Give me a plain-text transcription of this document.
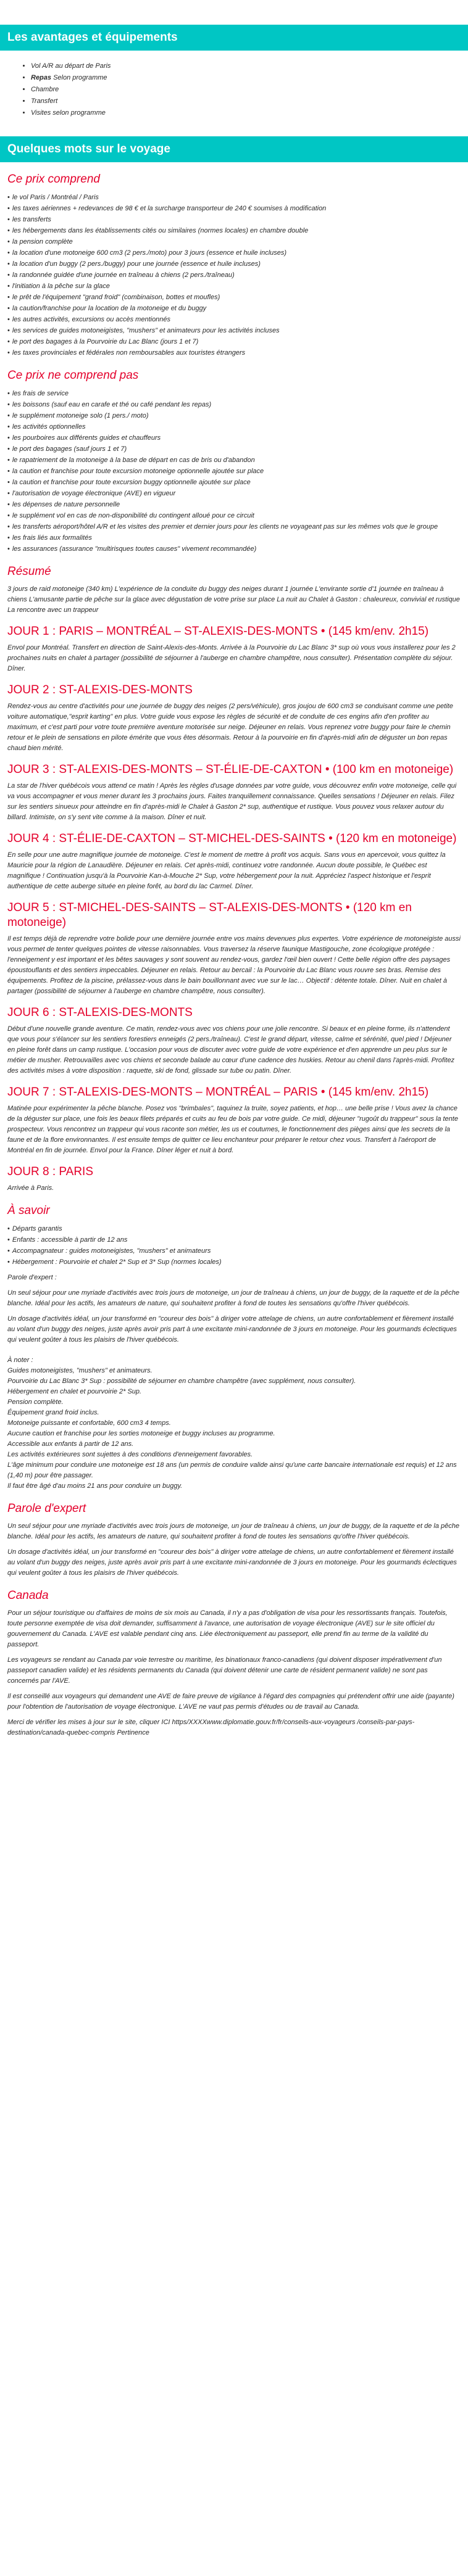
Les avantages et équipements
• Vol A/R au départ de Paris
• Repas Selon programme
• Chambre
• Transfert
• Visites selon programme
Quelques mots sur le voyage
Ce prix comprend
• le vol Paris / Montréal / Paris
• les taxes aériennes + redevances de 98 € et la surcharge transporteur de 240 € soumises à modification
• les transferts
• les hébergements dans les établissements cités ou similaires (normes locales) en chambre double
• la pension complète
• la location d'une motoneige 600 cm3 (2 pers./moto) pour 3 jours (essence et huile incluses)
• la location d'un buggy (2 pers./buggy) pour une journée (essence et huile incluses)
• la randonnée guidée d'une journée en traîneau à chiens (2 pers./traîneau)
• l'initiation à la pêche sur la glace
• le prêt de l'équipement "grand froid" (combinaison, bottes et moufles)
• la caution/franchise pour la location de la motoneige et du buggy
• les autres activités, excursions ou accès mentionnés
• les services de guides motoneigistes, "mushers" et animateurs pour les activités incluses
• le port des bagages à la Pourvoirie du Lac Blanc (jours 1 et 7)
• les taxes provinciales et fédérales non remboursables aux touristes étrangers
Ce prix ne comprend pas
• les frais de service
• les boissons (sauf eau en carafe et thé ou café pendant les repas)
• le supplément motoneige solo (1 pers./ moto)
• les activités optionnelles
• les pourboires aux différents guides et chauffeurs
• le port des bagages (sauf jours 1 et 7)
• le rapatriement de la motoneige à la base de départ en cas de bris ou d'abandon
• la caution et franchise pour toute excursion motoneige optionnelle ajoutée sur place
• la caution et franchise pour toute excursion buggy optionnelle ajoutée sur place
• l'autorisation de voyage électronique (AVE) en vigueur
• les dépenses de nature personnelle
• le supplément vol en cas de non-disponibilité du contingent alloué pour ce circuit
• les transferts aéroport/hôtel A/R et les visites des premier et dernier jours pour les clients ne voyageant pas sur les mêmes vols que le groupe
• les frais liés aux formalités
• les assurances (assurance "multirisques toutes causes" vivement recommandée)
Résumé

3 jours de raid motoneige (340 km) L'expérience de la conduite du buggy des neiges durant 1 journée L'envirante sortie d'1 journée en traîneau à chiens L'amusante partie de pêche sur la glace avec dégustation de votre prise sur place La nuit au Chalet à Gaston : chaleureux, convivial et rustique La rencontre avec un trappeur

JOUR 1 : PARIS – MONTRÉAL – ST-ALEXIS-DES-MONTS • (145 km/env. 2h15)

Envol pour Montréal. Transfert en direction de Saint-Alexis-des-Monts. Arrivée à la Pourvoirie du Lac Blanc 3* sup où vous vous installerez pour les 2 prochaines nuits en chalet à partager (possibilité de séjourner à l'auberge en chambre champêtre, nous consulter). Présentation complète du séjour. Dîner.

JOUR 2 : ST-ALEXIS-DES-MONTS

Rendez-vous au centre d'activités pour une journée de buggy des neiges (2 pers/véhicule), gros joujou de 600 cm3 se conduisant comme une petite voiture automatique,"esprit karting" en plus. Votre guide vous expose les règles de sécurité et de conduite de ces engins afin d'en profiter au maximum, et c'est parti pour votre toute première aventure motorisée sur neige. Déjeuner en relais. Vous reprenez votre buggy pour faire le chemin retour et le plein de sensations en pilote émérite que vous êtes désormais. Retour à la pourvoirie en fin d'après-midi afin de déguster un bon repas chaud bien mérité.

JOUR 3 : ST-ALEXIS-DES-MONTS – ST-ÉLIE-DE-CAXTON • (100 km en motoneige)

La star de l'hiver québécois vous attend ce matin ! Après les règles d'usage données par votre guide, vous découvrez enfin votre motoneige, celle qui va vous accompagner et vous mener durant les 3 prochains jours. Faites tranquillement connaissance. Quelles sensations ! Déjeuner en relais. Filez sur les sentiers sinueux pour atteindre en fin d'après-midi le Chalet à Gaston 2* sup, authentique et rustique. Vous pouvez vous relaxer autour du billard. Intimiste, on s'y sent vite comme à la maison. Dîner et nuit.

JOUR 4 : ST-ÉLIE-DE-CAXTON – ST-MICHEL-DES-SAINTS • (120 km en motoneige)

En selle pour une autre magnifique journée de motoneige. C'est le moment de mettre à profit vos acquis. Sans vous en apercevoir, vous quittez la Mauricie pour la région de Lanaudière. Déjeuner en relais. Cet après-midi, continuez votre randonnée. Aucun doute possible, le Québec est magnifique ! Continuation jusqu'à la Pourvoirie Kan-à-Mouche 2* Sup, votre hébergement pour la nuit. Appréciez l'aspect historique et l'esprit authentique de cette auberge située en pleine forêt, au bord du lac Carmel. Dîner.

JOUR 5 : ST-MICHEL-DES-SAINTS – ST-ALEXIS-DES-MONTS • (120 km en motoneige)

Il est temps déjà de reprendre votre bolide pour une dernière journée entre vos mains devenues plus expertes. Votre expérience de motoneigiste aussi vous permet de tenter quelques pointes de vitesse raisonnables. Vous traversez la réserve faunique Mastigouche, zone écologique protégée : l'enneigement y est important et les bêtes sauvages y sont souvent au rendez-vous, gardez l'œil bien ouvert ! Cette belle région offre des paysages époustouflants et des sentiers impeccables. Déjeuner en relais. Retour au bercail : la Pourvoirie du Lac Blanc vous rouvre ses bras. Remise des équipements. Profitez de la piscine, prélassez-vous dans le bain bouillonnant avec vue sur le lac… Objectif : détente totale. Dîner. Nuit en chalet à partager (possibilité de séjourner à l'auberge en chambre champêtre, nous consulter).

JOUR 6 : ST-ALEXIS-DES-MONTS

Début d'une nouvelle grande aventure. Ce matin, rendez-vous avec vos chiens pour une jolie rencontre. Si beaux et en pleine forme, ils n'attendent que vous pour s'élancer sur les sentiers forestiers enneigés (2 pers./traîneau). C'est le grand départ, vitesse, calme et sérénité, quel pied ! Déjeuner en pleine forêt dans un camp rustique. L'occasion pour vous de discuter avec votre guide de votre expérience et d'en apprendre un peu plus sur le métier de musher. Retrouvailles avec vos chiens et seconde balade au cœur d'une cadence des huskies. Retour au chenil dans l'après-midi. Profitez des activités mises à votre disposition : raquette, ski de fond, glissade sur tube ou patin. Dîner.

JOUR 7 : ST-ALEXIS-DES-MONTS – MONTRÉAL – PARIS • (145 km/env. 2h15)

Matinée pour expérimenter la pêche blanche. Posez vos "brimbales", taquinez la truite, soyez patients, et hop… une belle prise ! Vous avez la chance de la déguster sur place, une fois les beaux filets préparés et cuits au feu de bois par votre guide. Ce midi, déjeuner "rugoût du trappeur" sous la tente prospecteur. Vous rencontrez un trappeur qui vous raconte son métier, les us et coutumes, le fonctionnement des pièges ainsi que les secrets de la faune et de la flore environnantes. Il est ensuite temps de quitter ce lieu enchanteur pour préparer le retour chez vous. Transfert à l'aéroport de Montréal en fin de journée. Envol pour la France. Dîner léger et nuit à bord.

JOUR 8 : PARIS

Arrivée à Paris.

À savoir
• Départs garantis
• Enfants : accessible à partir de 12 ans
• Accompagnateur : guides motoneigistes, "mushers" et animateurs
• Hébergement : Pourvoirie et chalet 2* Sup et 3* Sup (normes locales)

Parole d'expert :

Un seul séjour pour une myriade d'activités avec trois jours de motoneige, un jour de traîneau à chiens, un jour de buggy, de la raquette et de la pêche blanche. Idéal pour les actifs, les amateurs de nature, qui souhaitent profiter à fond de toutes les sensations qu'offre l'hiver québécois.

Un dosage d'activités idéal, un jour transformé en "coureur des bois" à diriger votre attelage de chiens, un autre confortablement et fièrement installé au volant d'un buggy des neiges, juste après avoir pris part à une excitante mini-randonnée de 3 jours en motoneige. Pour les gourmands éclectiques qui veulent goûter à tous les plaisirs de l'hiver québécois.

À noter :

Guides motoneigistes, "mushers" et animateurs.

Pourvoirie du Lac Blanc 3* Sup : possibilité de séjourner en chambre champêtre (avec supplément, nous consulter).

Hébergement en chalet et pourvoirie 2* Sup.

Pension complète.

Équipement grand froid inclus.

Motoneige puissante et confortable, 600 cm3 4 temps.

Aucune caution et franchise pour les sorties motoneige et buggy incluses au programme.

Accessible aux enfants à partir de 12 ans.

Les activités extérieures sont sujettes à des conditions d'enneigement favorables.

L'âge minimum pour conduire une motoneige est 18 ans (un permis de conduire valide ainsi qu'une carte bancaire internationale est requis) et 12 ans (1,40 m) pour être passager.

Il faut être âgé d'au moins 21 ans pour conduire un buggy.

Parole d'expert

Un seul séjour pour une myriade d'activités avec trois jours de motoneige, un jour de traîneau à chiens, un jour de buggy, de la raquette et de la pêche blanche. Idéal pour les actifs, les amateurs de nature, qui souhaitent profiter à fond de toutes les sensations qu'offre l'hiver québécois.

Un dosage d'activités idéal, un jour transformé en "coureur des bois" à diriger votre attelage de chiens, un autre confortablement et fièrement installé au volant d'un buggy des neiges, juste après avoir pris part à une excitante mini-randonnée de 3 jours en motoneige. Pour les gourmands éclectiques qui veulent goûter à tous les plaisirs de l'hiver québécois.

Canada

Pour un séjour touristique ou d'affaires de moins de six mois au Canada, il n'y a pas d'obligation de visa pour les ressortissants français. Toutefois, toute personne exemptée de visa doit demander, suffisamment à l'avance, une autorisation de voyage électronique (AVE) sur le site officiel du gouvernement du Canada. L'AVE est valable pendant cinq ans. Liée électroniquement au passeport, elle prend fin au terme de la validité du passeport.

Les voyageurs se rendant au Canada par voie terrestre ou maritime, les binationaux franco-canadiens (qui doivent disposer impérativement d'un passeport canadien valide) et les résidents permanents du Canada (qui doivent détenir une carte de résident permanent valide) ne sont pas concernés par l'AVE.

Il est conseillé aux voyageurs qui demandent une AVE de faire preuve de vigilance à l'égard des compagnies qui prétendent offrir une aide (payante) pour l'obtention de l'autorisation de voyage électronique. L'AVE ne vaut pas permis d'études ou de travail au Canada.

Merci de vérifier les mises à jour sur le site, cliquer ICI https/XXXXwww.diplomatie.gouv.fr/fr/conseils-aux-voyageurs /conseils-par-pays-destination/canada-quebec-compris Pertinence
